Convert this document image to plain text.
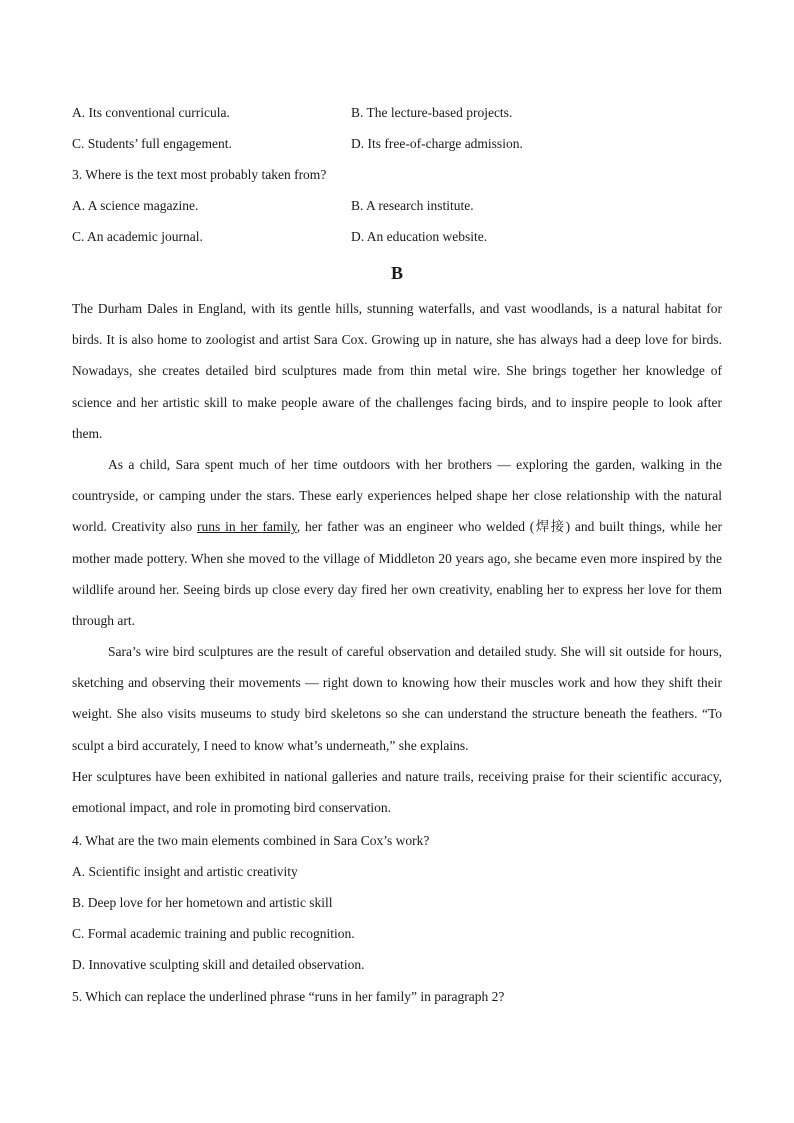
A. Its conventional curricula.	B. The lecture-based projects.
C. Students’ full engagement.	D. Its free-of-charge admission.
3. Where is the text most probably taken from?
A. A science magazine.	B. A research institute.
C. An academic journal.	D. An education website.
B
The Durham Dales in England, with its gentle hills, stunning waterfalls, and vast woodlands, is a natural habitat for birds. It is also home to zoologist and artist Sara Cox. Growing up in nature, she has always had a deep love for birds. Nowadays, she creates detailed bird sculptures made from thin metal wire. She brings together her knowledge of science and her artistic skill to make people aware of the challenges facing birds, and to inspire people to look after them.
As a child, Sara spent much of her time outdoors with her brothers — exploring the garden, walking in the countryside, or camping under the stars. These early experiences helped shape her close relationship with the natural world. Creativity also runs in her family, her father was an engineer who welded (焊接) and built things, while her mother made pottery. When she moved to the village of Middleton 20 years ago, she became even more inspired by the wildlife around her. Seeing birds up close every day fired her own creativity, enabling her to express her love for them through art.
Sara’s wire bird sculptures are the result of careful observation and detailed study. She will sit outside for hours, sketching and observing their movements — right down to knowing how their muscles work and how they shift their weight. She also visits museums to study bird skeletons so she can understand the structure beneath the feathers. “To sculpt a bird accurately, I need to know what’s underneath,” she explains.
Her sculptures have been exhibited in national galleries and nature trails, receiving praise for their scientific accuracy, emotional impact, and role in promoting bird conservation.
4. What are the two main elements combined in Sara Cox’s work?
A. Scientific insight and artistic creativity
B. Deep love for her hometown and artistic skill
C. Formal academic training and public recognition.
D. Innovative sculpting skill and detailed observation.
5. Which can replace the underlined phrase “runs in her family” in paragraph 2?
